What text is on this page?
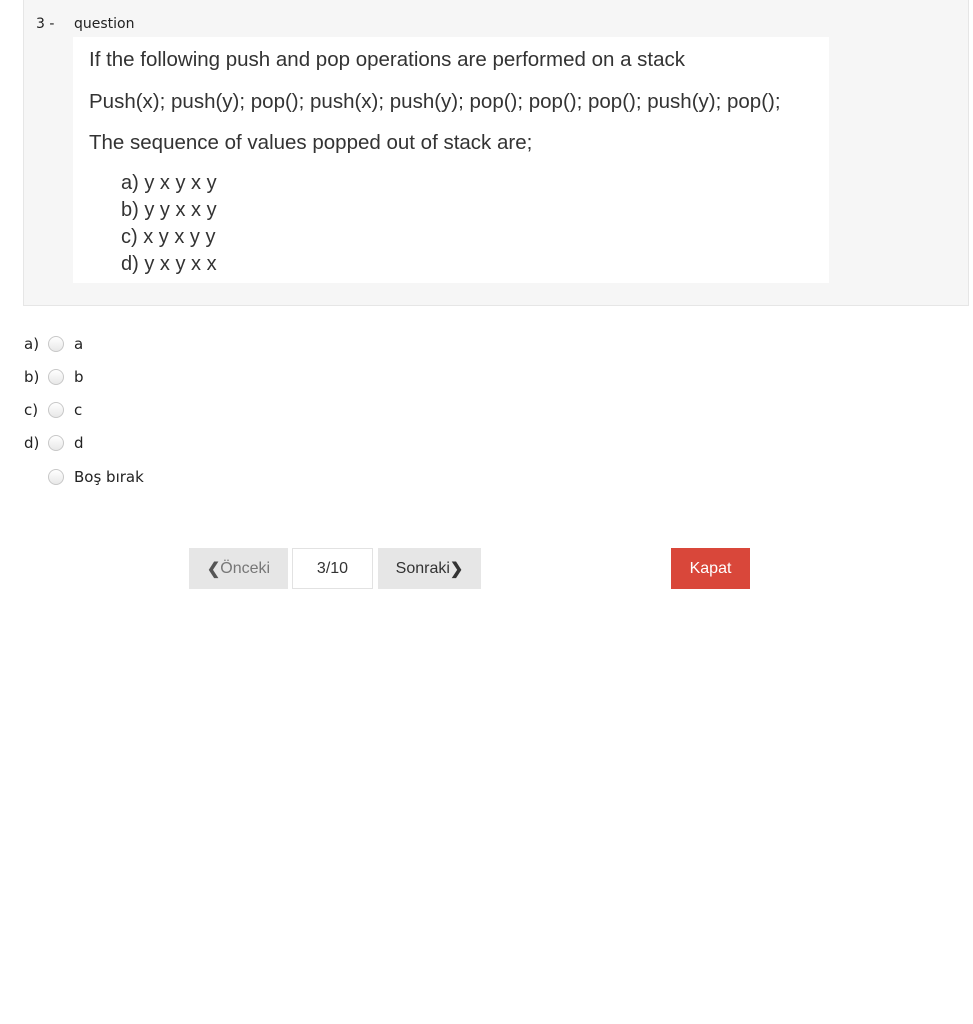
3 - question
If the following push and pop operations are performed on a stack
Push(x); push(y); pop(); push(x); push(y); pop(); pop(); pop(); push(y); pop();
The sequence of values popped out of stack are;
a) y x y x y
b) y y x x y
c) x y x y y
d) y x y x x
a)	a
b)	b
c)	c
d)	d
Boş bırak
❮ Önceki	3/10	Sonraki ❯	Kapat
